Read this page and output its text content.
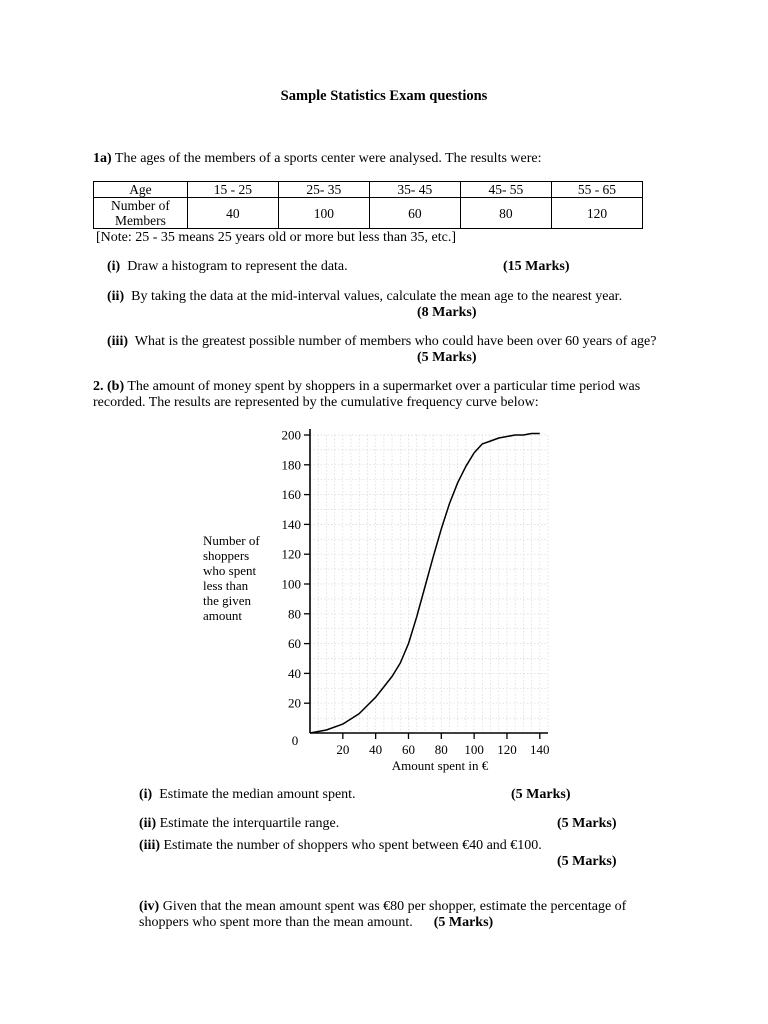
Sample Statistics Exam questions
1a) The ages of the members of a sports center were analysed. The results were:
Age	15 - 25	25- 35	35- 45	45- 55	55 - 65
Number of Members	40	100	60	80	120
[Note: 25 - 35 means 25 years old or more but less than 35, etc.]
(i) Draw a histogram to represent the data.	(15 Marks)
(ii) By taking the data at the mid-interval values, calculate the mean age to the nearest year.
(8 Marks)
(iii) What is the greatest possible number of members who could have been over 60 years of age?
(5 Marks)
2. (b) The amount of money spent by shoppers in a supermarket over a particular time period was recorded. The results are represented by the cumulative frequency curve below:
20
40
60
80
100
120
140
160
180
200
20 40 60 80 100 120 140
0
Amount spent in €
Number of
shoppers
who spent
less than
the given
amount
(i) Estimate the median amount spent.	(5 Marks)
(ii) Estimate the interquartile range.	(5 Marks)
(iii) Estimate the number of shoppers who spent between €40 and €100.
(5 Marks)
(iv) Given that the mean amount spent was €80 per shopper, estimate the percentage of
shoppers who spent more than the mean amount. (5 Marks)
